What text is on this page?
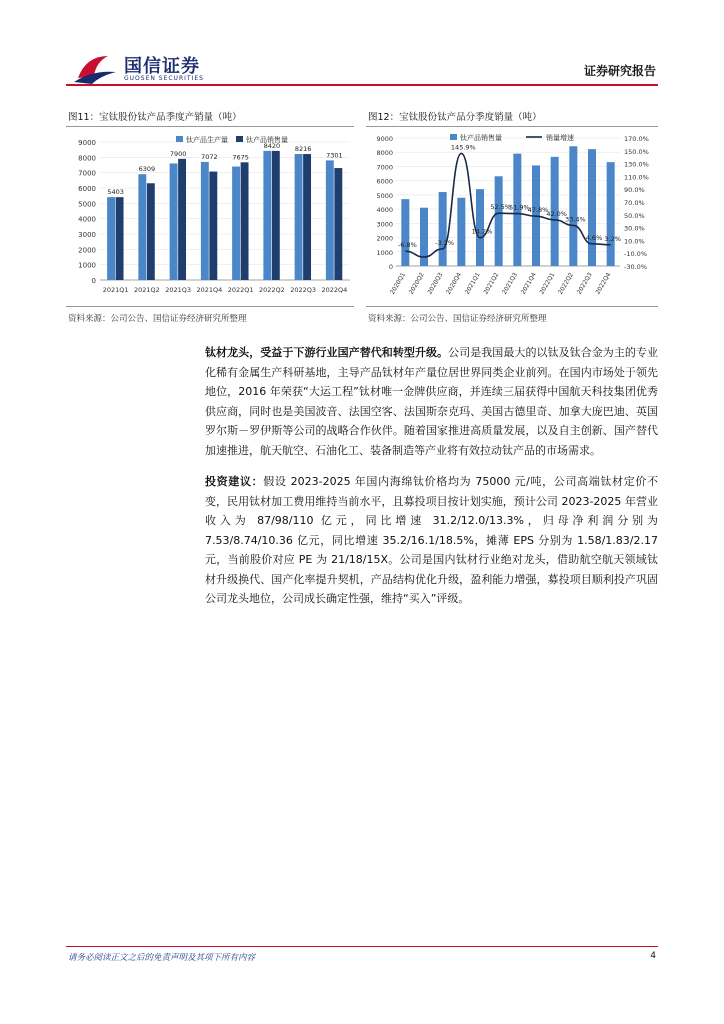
国信证券
GUOSEN SECURITIES
证券研究报告
图11：宝钛股份钛产品季度产销量（吨）
0
1000
2000
3000
4000
5000
6000
7000
8000
9000
5403
2021Q1
6309
2021Q2
7900
2021Q3
7072
2021Q4
7675
2022Q1
8420
2022Q2
8216
2022Q3
7301
2022Q4
钛产品生产量	钛产品销售量
资料来源：公司公告、国信证券经济研究所整理
图12：宝钛股份钛产品分季度销量（吨）
0
1000
2000
3000
4000
5000
6000
7000
8000
9000
-30.0%
-10.0%
10.0%
30.0%
50.0%
70.0%
90.0%
110.0%
130.0%
150.0%
170.0%
2020Q1 2020Q2 2020Q3 2020Q4 2021Q1 2021Q2 2021Q3 2021Q4 2022Q1 2022Q2 2022Q3 2022Q4
-6.8%	-3.2%
145.9%
14.2%
52.5%
51.9%
47.8%
42.0%
33.4%
4.6% 3.2%
钛产品销售量	销量增速
资料来源：公司公告、国信证券经济研究所整理
钛材龙头，受益于下游行业国产替代和转型升级。公司是我国最大的以钛及钛合金为主的专业化稀有金属生产科研基地，主导产品钛材年产量位居世界同类企业前列。在国内市场处于领先地位，2016 年荣获“大运工程”钛材唯一金牌供应商，并连续三届获得中国航天科技集团优秀供应商，同时也是美国波音、法国空客、法国斯奈克玛、美国古德里奇、加拿大庞巴迪、英国罗尔斯－罗伊斯等公司的战略合作伙伴。随着国家推进高质量发展，以及自主创新、国产替代加速推进，航天航空、石油化工、装备制造等产业将有效拉动钛产品的市场需求。
投资建议：假设 2023-2025 年国内海绵钛价格均为 75000 元/吨，公司高端钛材定价不变，民用钛材加工费用维持当前水平，且募投项目按计划实施，预计公司 2023-2025 年营业收入为 87/98/110 亿元，同比增速 31.2/12.0/13.3%，归母净利润分别为 7.53/8.74/10.36 亿元，同比增速 35.2/16.1/18.5%，摊薄 EPS 分别为 1.58/1.83/2.17 元，当前股价对应 PE 为 21/18/15X。公司是国内钛材行业绝对龙头，借助航空航天领域钛材升级换代、国产化率提升契机，产品结构优化升级，盈利能力增强，募投项目顺利投产巩固公司龙头地位，公司成长确定性强，维持“买入”评级。
请务必阅读正文之后的免责声明及其项下所有内容	4
